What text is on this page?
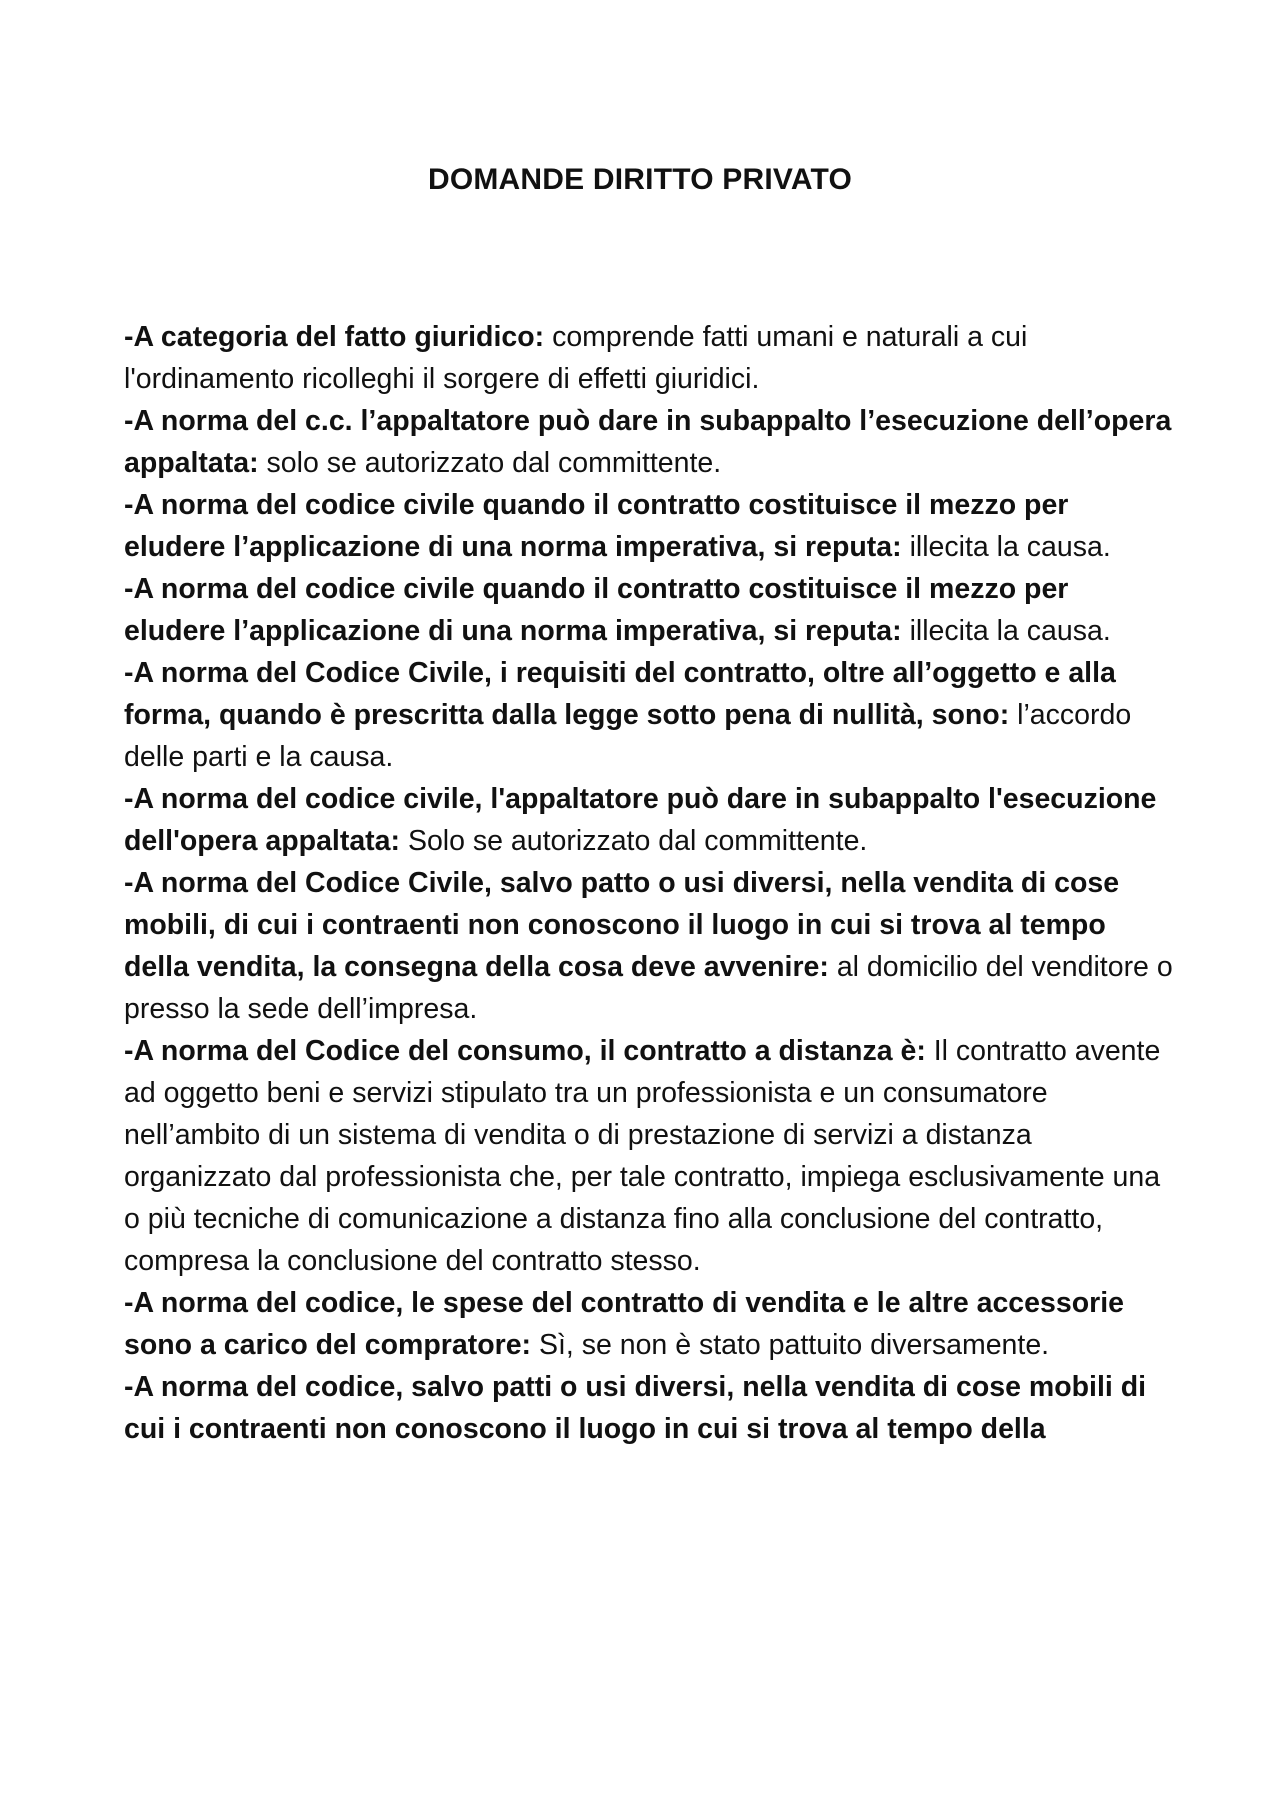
DOMANDE DIRITTO PRIVATO

-A categoria del fatto giuridico: comprende fatti umani e naturali a cui l'ordinamento ricolleghi il sorgere di effetti giuridici.

-A norma del c.c. l’appaltatore può dare in subappalto l’esecuzione dell’opera appaltata: solo se autorizzato dal committente.

-A norma del codice civile quando il contratto costituisce il mezzo per eludere l’applicazione di una norma imperativa, si reputa: illecita la causa.

-A norma del codice civile quando il contratto costituisce il mezzo per eludere l’applicazione di una norma imperativa, si reputa: illecita la causa.

-A norma del Codice Civile, i requisiti del contratto, oltre all’oggetto e alla forma, quando è prescritta dalla legge sotto pena di nullità, sono: l’accordo delle parti e la causa.

-A norma del codice civile, l'appaltatore può dare in subappalto l'esecuzione dell'opera appaltata: Solo se autorizzato dal committente.

-A norma del Codice Civile, salvo patto o usi diversi, nella vendita di cose mobili, di cui i contraenti non conoscono il luogo in cui si trova al tempo della vendita, la consegna della cosa deve avvenire: al domicilio del venditore o presso la sede dell’impresa.

-A norma del Codice del consumo, il contratto a distanza è: Il contratto avente ad oggetto beni e servizi stipulato tra un professionista e un consumatore nell’ambito di un sistema di vendita o di prestazione di servizi a distanza organizzato dal professionista che, per tale contratto, impiega esclusivamente una o più tecniche di comunicazione a distanza fino alla conclusione del contratto, compresa la conclusione del contratto stesso.

-A norma del codice, le spese del contratto di vendita e le altre accessorie sono a carico del compratore: Sì, se non è stato pattuito diversamente.

-A norma del codice, salvo patti o usi diversi, nella vendita di cose mobili di cui i contraenti non conoscono il luogo in cui si trova al tempo della
